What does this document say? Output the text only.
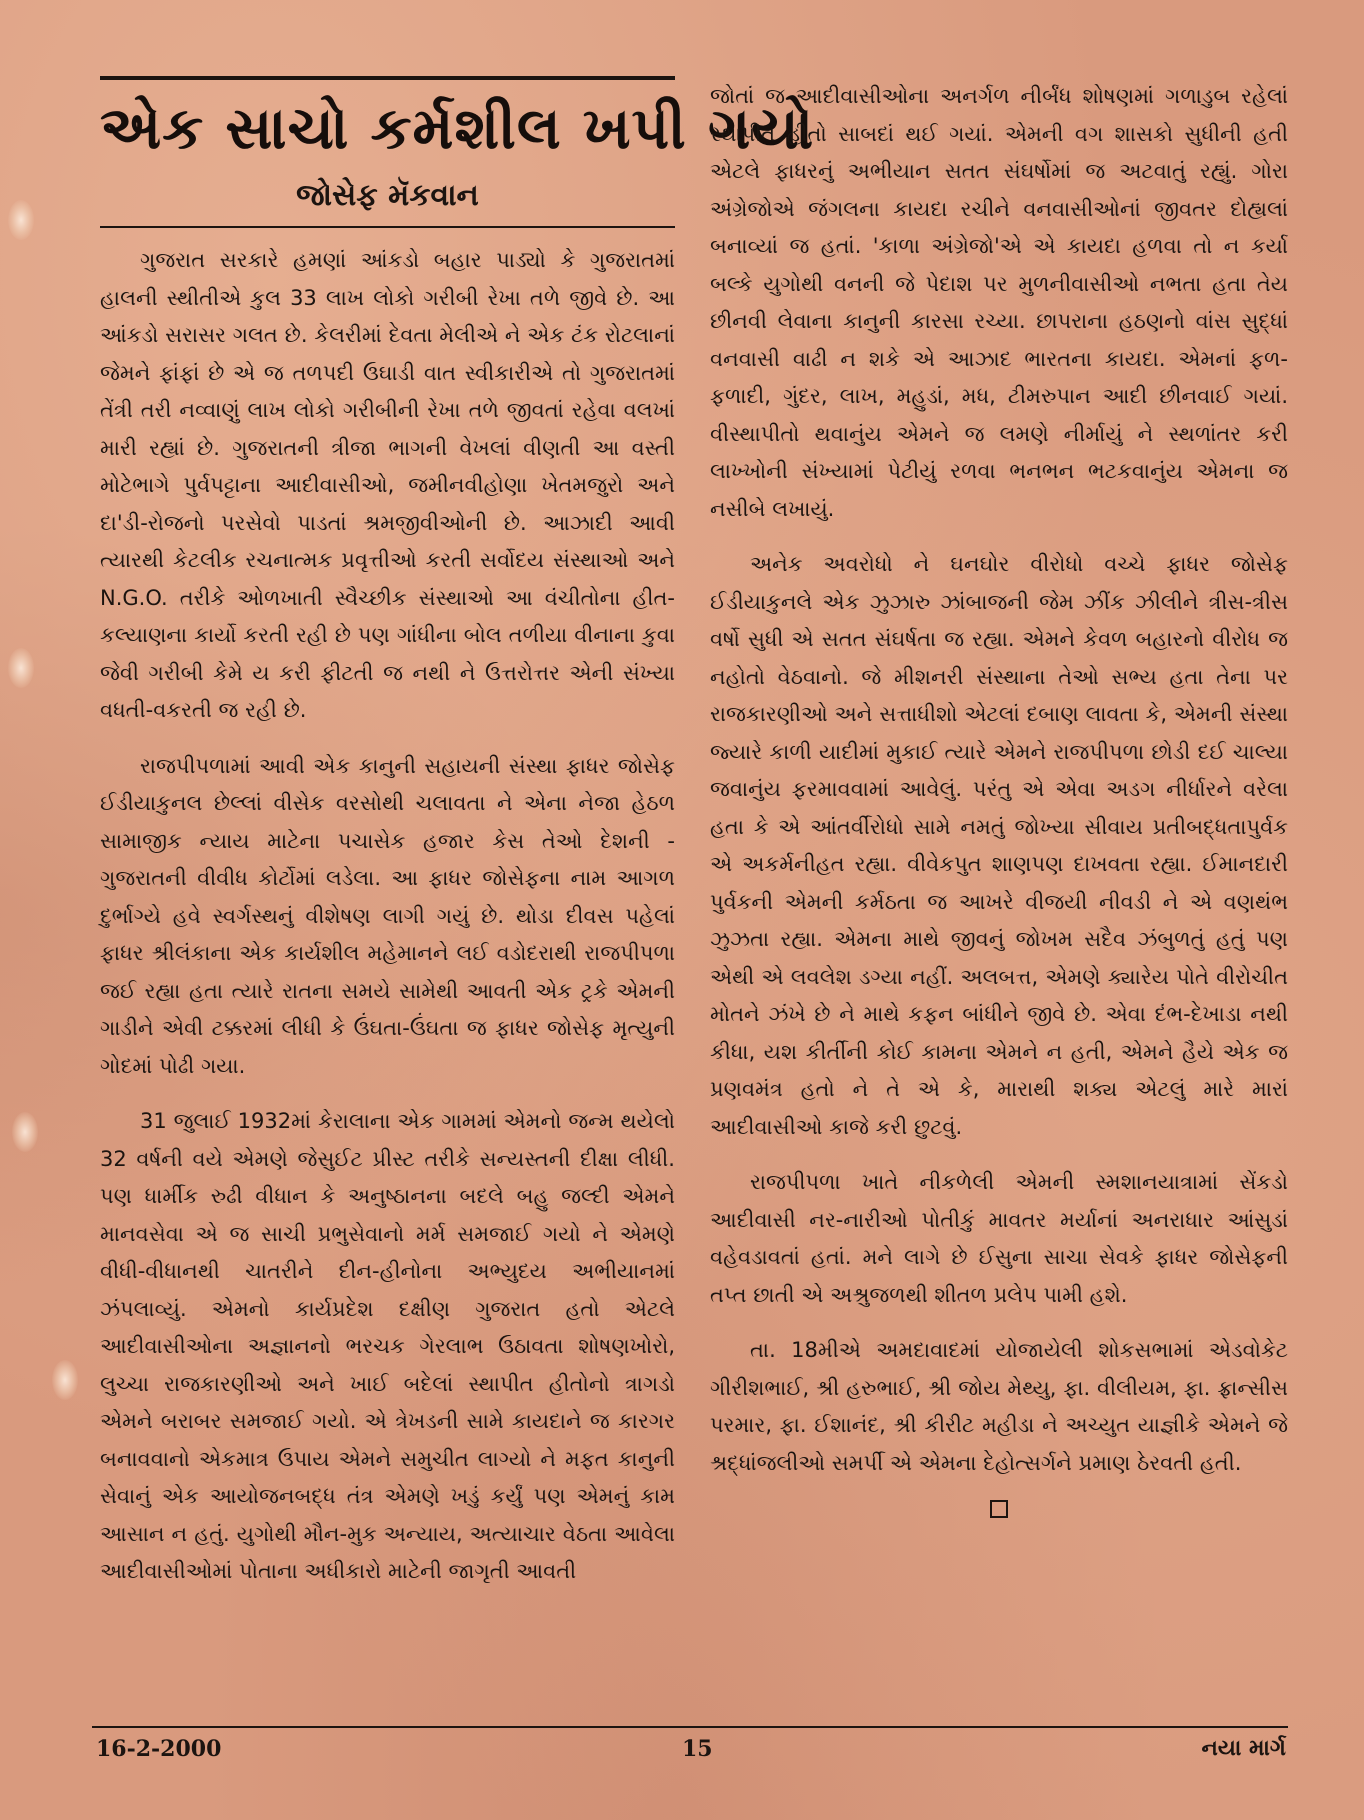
એક સાચો કર્મશીલ ખપી ગયો
જોસેફ મૅકવાન

ગુજરાત સરકારે હમણાં આંકડો બહાર પાડ્યો કે ગુજરાતમાં હાલની સ્થીતીએ કુલ 33 લાખ લોકો ગરીબી રેખા તળે જીવે છે. આ આંકડો સરાસર ગલત છે. કેલરીમાં દેવતા મેલીએ ને એક ટંક રોટલાનાં જેમને ફાંફાં છે એ જ તળપદી ઉઘાડી વાત સ્વીકારીએ તો ગુજરાતમાં તેંત્રી તરી નવ્વાણું લાખ લોકો ગરીબીની રેખા તળે જીવતાં રહેવા વલખાં મારી રહ્યાં છે. ગુજરાતની ત્રીજા ભાગની વેખલાં વીણતી આ વસ્તી મોટેભાગે પુર્વપટ્ટાના આદીવાસીઓ, જમીનવીહોણા ખેતમજુરો અને દા'ડી-રોજનો પરસેવો પાડતાં શ્રમજીવીઓની છે. આઝાદી આવી ત્યારથી કેટલીક રચનાત્મક પ્રવૃત્તીઓ કરતી સર્વોદય સંસ્થાઓ અને N.G.O. તરીકે ઓળખાતી સ્વૈચ્છીક સંસ્થાઓ આ વંચીતોના હીત-કલ્યાણના કાર્યો કરતી રહી છે પણ ગાંધીના બોલ તળીયા વીનાના કુવા જેવી ગરીબી કેમે ય કરી ફીટતી જ નથી ને ઉત્તરોત્તર એની સંખ્યા વધતી-વકરતી જ રહી છે.

રાજપીપળામાં આવી એક કાનુની સહાયની સંસ્થા ફાધર જોસેફ ઈડીયાકુનલ છેલ્લાં વીસેક વરસોથી ચલાવતા ને એના નેજા હેઠળ સામાજીક ન્યાય માટેના પચાસેક હજાર કેસ તેઓ દેશની - ગુજરાતની વીવીધ કોર્ટોમાં લડેલા. આ ફાધર જોસેફના નામ આગળ દુર્ભાગ્યે હવે સ્વર્ગસ્થનું વીશેષણ લાગી ગયું છે. થોડા દીવસ પહેલાં ફાધર શ્રીલંકાના એક કાર્યશીલ મહેમાનને લઈ વડોદરાથી રાજપીપળા જઈ રહ્યા હતા ત્યારે રાતના સમયે સામેથી આવતી એક ટ્રકે એમની ગાડીને એવી ટક્કરમાં લીધી કે ઉંઘતા-ઉંઘતા જ ફાધર જોસેફ મૃત્યુની ગોદમાં પોઢી ગયા.

31 જુલાઈ 1932માં કેરાલાના એક ગામમાં એમનો જન્મ થયેલો 32 વર્ષની વયે એમણે જેસુઈટ પ્રીસ્ટ તરીકે સન્યસ્તની દીક્ષા લીધી. પણ ધાર્મીક રુઢી વીધાન કે અનુષ્ઠાનના બદલે બહુ જલ્દી એમને માનવસેવા એ જ સાચી પ્રભુસેવાનો મર્મ સમજાઈ ગયો ને એમણે વીધી-વીધાનથી ચાતરીને દીન-હીનોના અભ્યુદય અભીયાનમાં ઝંપલાવ્યું. એમનો કાર્યપ્રદેશ દક્ષીણ ગુજરાત હતો એટલે આદીવાસીઓના અજ્ઞાનનો ભરચક ગેરલાભ ઉઠાવતા શોષણખોરો, લુચ્ચા રાજકારણીઓ અને ખાઈ બદેલાં સ્થાપીત હીતોનો ત્રાગડો એમને બરાબર સમજાઈ ગયો. એ ત્રેખડની સામે કાયદાને જ કારગર બનાવવાનો એકમાત્ર ઉપાય એમને સમુચીત લાગ્યો ને મફત કાનુની સેવાનું એક આયોજનબદ્ધ તંત્ર એમણે ખડું કર્યું પણ એમનું કામ આસાન ન હતું. યુગોથી મૌન-મુક અન્યાય, અત્યાચાર વેઠતા આવેલા આદીવાસીઓમાં પોતાના અધીકારો માટેની જાગૃતી આવતી

જોતાં જ આદીવાસીઓના અનર્ગળ નીર્બંધ શોષણમાં ગળાડુબ રહેલાં સ્થાપીત હીતો સાબદાં થઈ ગયાં. એમની વગ શાસકો સુધીની હતી એટલે ફાધરનું અભીયાન સતત સંઘર્ષોમાં જ અટવાતું રહ્યું. ગોરા અંગ્રેજોએ જંગલના કાયદા રચીને વનવાસીઓનાં જીવતર દોહ્યલાં બનાવ્યાં જ હતાં. 'કાળા અંગ્રેજો'એ એ કાયદા હળવા તો ન કર્યા બલ્કે યુગોથી વનની જે પેદાશ પર મુળનીવાસીઓ નભતા હતા તેય છીનવી લેવાના કાનુની કારસા રચ્યા. છાપરાના હઠણનો વાંસ સુદ્ધાં વનવાસી વાઢી ન શકે એ આઝાદ ભારતના કાયદા. એમનાં ફળ-ફળાદી, ગુંદર, લાખ, મહુડાં, મધ, ટીમરુપાન આદી છીનવાઈ ગયાં. વીસ્થાપીતો થવાનુંય એમને જ લમણે નીર્માયું ને સ્થળાંતર કરી લાખ્ખોની સંખ્યામાં પેટીયું રળવા ભનભન ભટકવાનુંય એમના જ નસીબે લખાયું.

અનેક અવરોધો ને ઘનઘોર વીરોધો વચ્ચે ફાધર જોસેફ ઈડીયાકુનલે એક ઝુઝારુ ઝાંબાજની જેમ ઝીંક ઝીલીને ત્રીસ-ત્રીસ વર્ષો સુધી એ સતત સંઘર્ષતા જ રહ્યા. એમને કેવળ બહારનો વીરોધ જ નહોતો વેઠવાનો. જે મીશનરી સંસ્થાના તેઓ સભ્ય હતા તેના પર રાજકારણીઓ અને સત્તાધીશો એટલાં દબાણ લાવતા કે, એમની સંસ્થા જ્યારે કાળી યાદીમાં મુકાઈ ત્યારે એમને રાજપીપળા છોડી દઈ ચાલ્યા જવાનુંય ફરમાવવામાં આવેલું. પરંતુ એ એવા અડગ નીર્ધારને વરેલા હતા કે એ આંતર્વીરોધો સામે નમતું જોખ્યા સીવાય પ્રતીબદ્ધતાપુર્વક એ અકર્મનીહત રહ્યા. વીવેકપુત શાણપણ દાખવતા રહ્યા. ઈમાનદારી પુર્વકની એમની કર્મઠતા જ આખરે વીજયી નીવડી ને એ વણથંભ ઝુઝતા રહ્યા. એમના માથે જીવનું જોખમ સદૈવ ઝંબુળતું હતું પણ એથી એ લવલેશ ડગ્યા નહીં. અલબત્ત, એમણે ક્યારેય પોતે વીરોચીત મોતને ઝંખે છે ને માથે કફન બાંધીને જીવે છે. એવા દંભ-દેખાડા નથી કીધા, યશ કીર્તીની કોઈ કામના એમને ન હતી, એમને હૈયે એક જ પ્રણવમંત્ર હતો ને તે એ કે, મારાથી શક્ય એટલું મારે મારાં આદીવાસીઓ કાજે કરી છુટવું.

રાજપીપળા ખાતે નીકળેલી એમની સ્મશાનયાત્રામાં સેંકડો આદીવાસી નર-નારીઓ પોતીકું માવતર મર્યાનાં અનરાધાર આંસુડાં વહેવડાવતાં હતાં. મને લાગે છે ઈસુના સાચા સેવકે ફાધર જોસેફની તપ્ત છાતી એ અશ્રુજળથી શીતળ પ્રલેપ પામી હશે.

તા. 18મીએ અમદાવાદમાં યોજાયેલી શોકસભામાં એડવોકેટ ગીરીશભાઈ, શ્રી હરુભાઈ, શ્રી જોય મેથ્યુ, ફા. વીલીયમ, ફા. ફ્રાન્સીસ પરમાર, ફા. ઈશાનંદ, શ્રી કીરીટ મહીડા ને અચ્યુત યાજ્ઞીકે એમને જે શ્રદ્ધાંજલીઓ સમર્પી એ એમના દેહોત્સર્ગને પ્રમાણ ઠેરવતી હતી.

16-2-2000	15	નયા માર્ગ
